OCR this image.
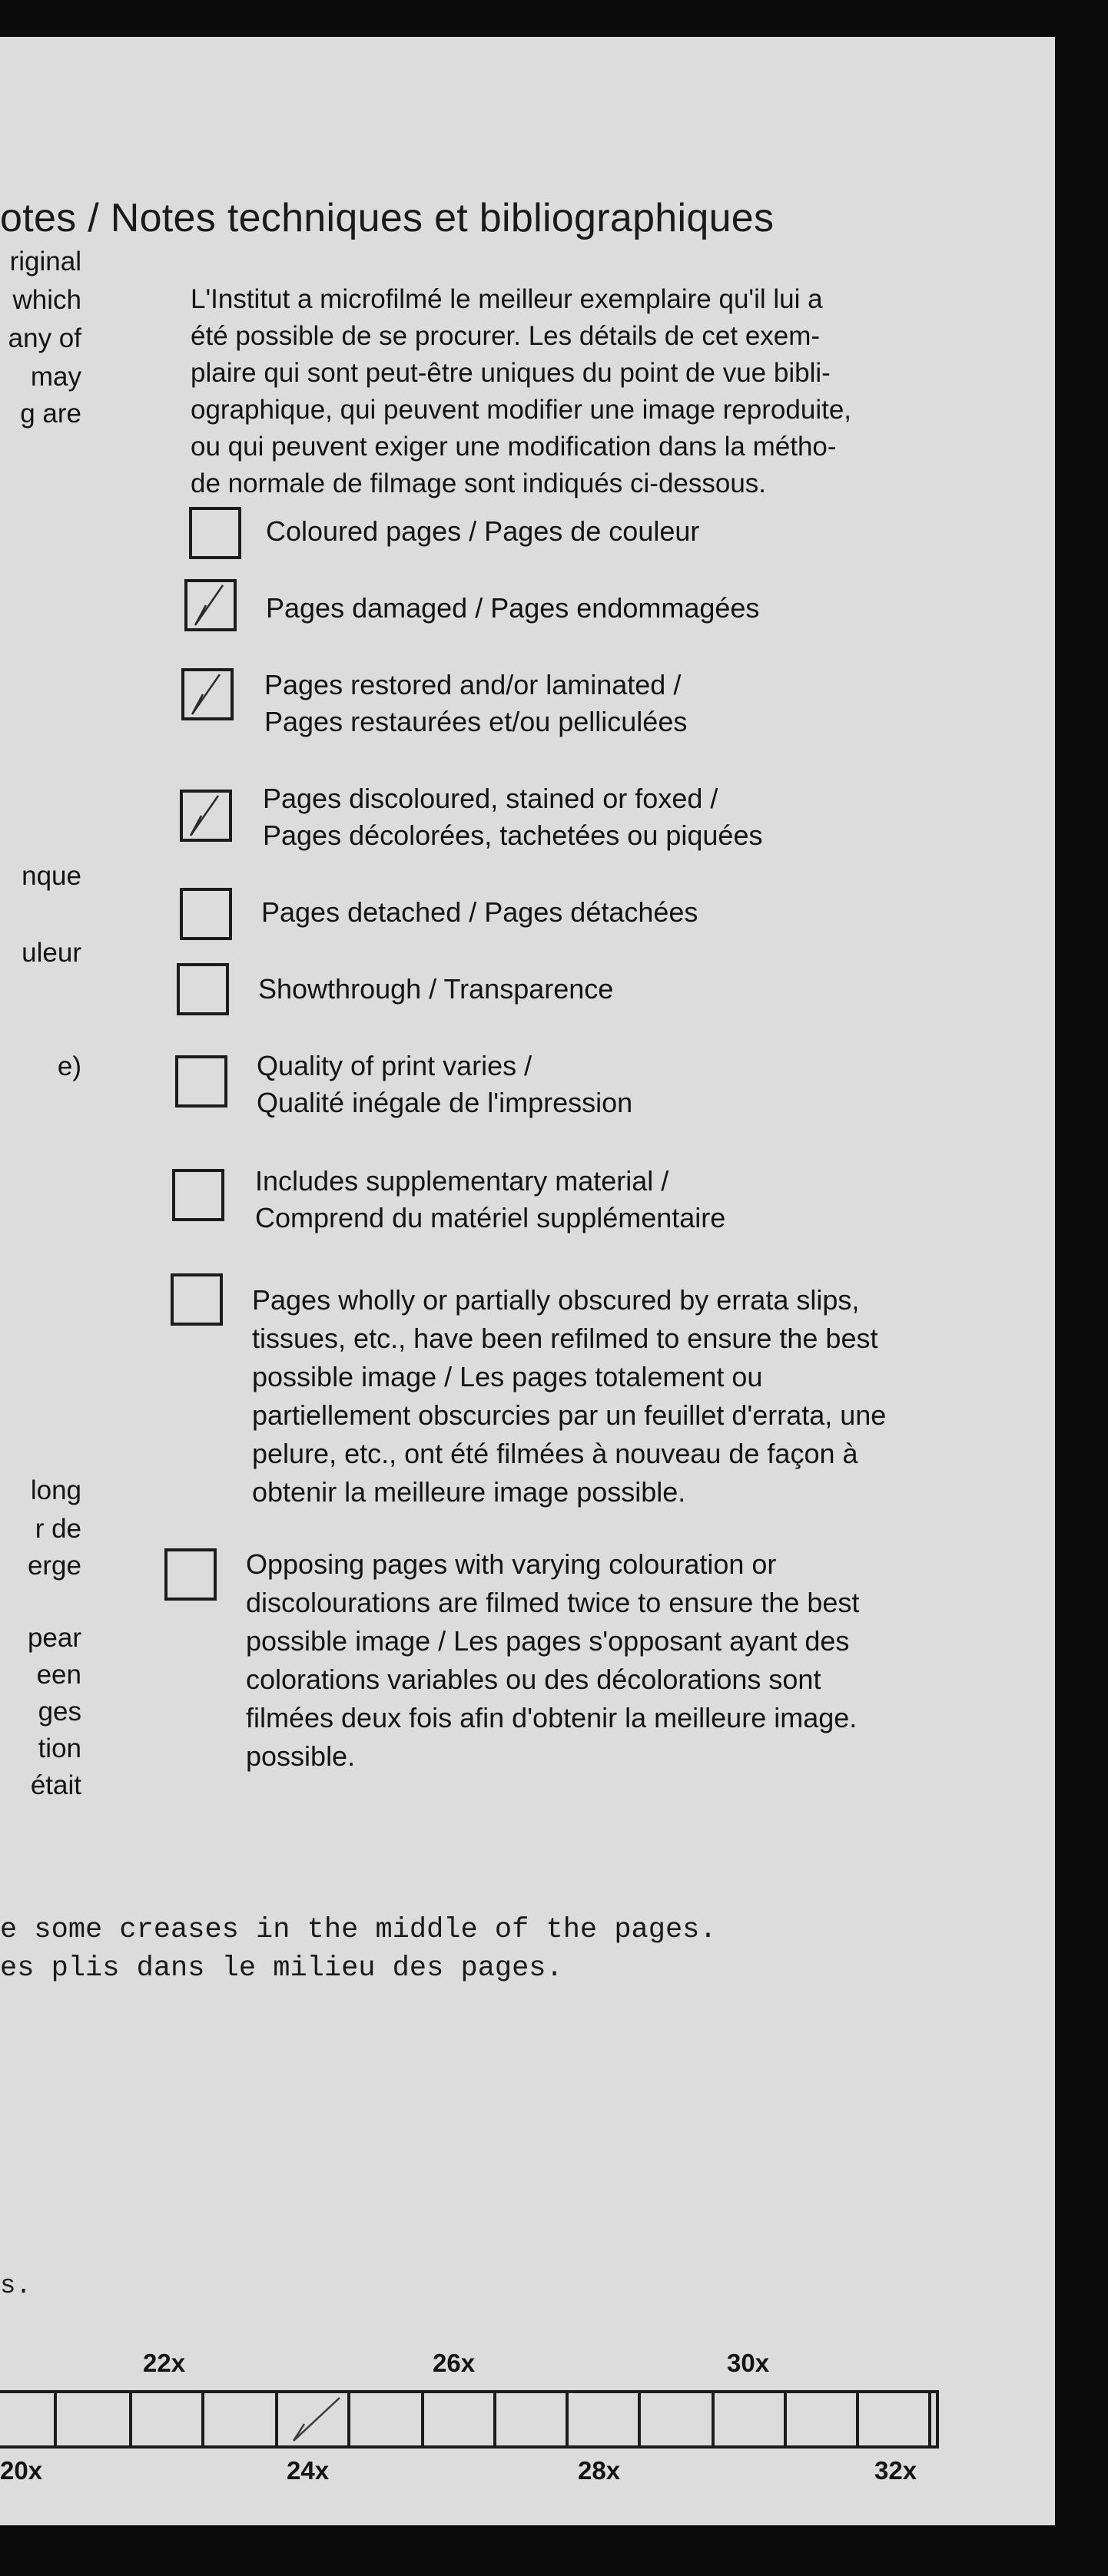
otes / Notes techniques et bibliographiques
riginal
which
any of
may
g are
nque
uleur
e)
long
r de
erge
pear
een
ges
tion
était
L'Institut a microfilmé le meilleur exemplaire qu'il lui a
été possible de se procurer. Les détails de cet exem-
plaire qui sont peut-être uniques du point de vue bibli-
ographique, qui peuvent modifier une image reproduite,
ou qui peuvent exiger une modification dans la métho-
de normale de filmage sont indiqués ci-dessous.
Coloured pages / Pages de couleur
Pages damaged / Pages endommagées
Pages restored and/or laminated /
Pages restaurées et/ou pelliculées
Pages discoloured, stained or foxed /
Pages décolorées, tachetées ou piquées
Pages detached / Pages détachées
Showthrough / Transparence
Quality of print varies /
Qualité inégale de l'impression
Includes supplementary material /
Comprend du matériel supplémentaire
Pages wholly or partially obscured by errata slips,
tissues, etc., have been refilmed to ensure the best
possible image / Les pages totalement ou
partiellement obscurcies par un feuillet d'errata, une
pelure, etc., ont été filmées à nouveau de façon à
obtenir la meilleure image possible.
Opposing pages with varying colouration or
discolourations are filmed twice to ensure the best
possible image / Les pages s'opposant ayant des
colorations variables ou des décolorations sont
filmées deux fois afin d'obtenir la meilleure image.
possible.
e some creases in the middle of the pages.
es plis dans le milieu des pages.
s.
22x	26x	30x
20x	24x	28x	32x
